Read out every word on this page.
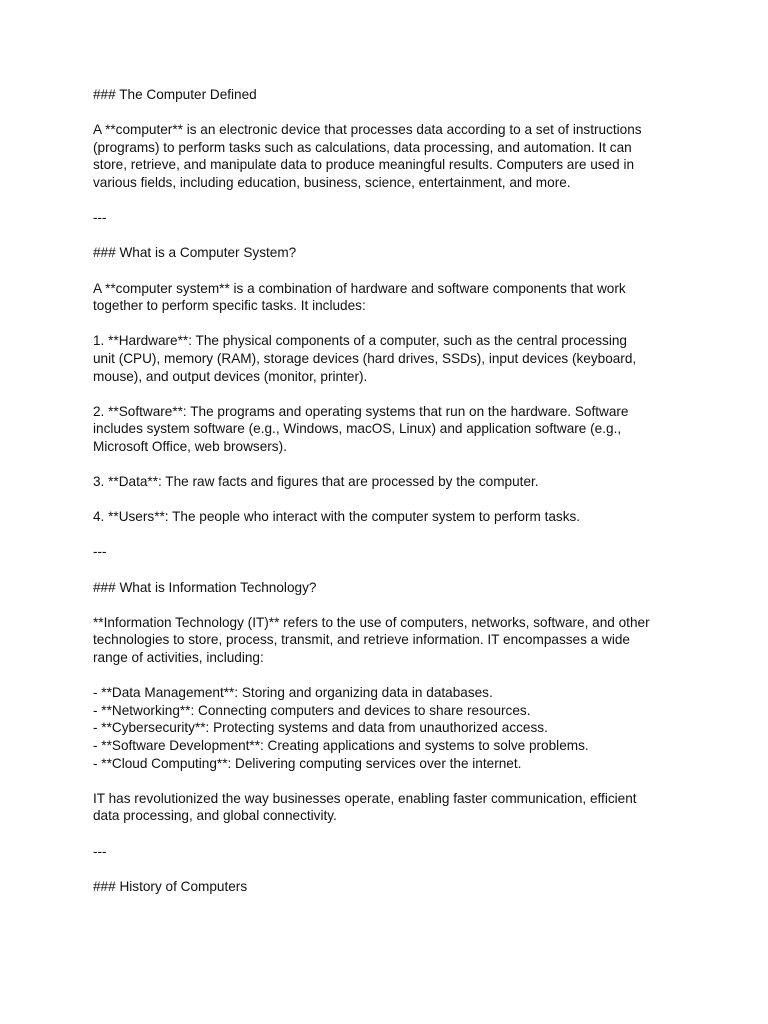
### The Computer Defined

A **computer** is an electronic device that processes data according to a set of instructions

(programs) to perform tasks such as calculations, data processing, and automation. It can

store, retrieve, and manipulate data to produce meaningful results. Computers are used in

various fields, including education, business, science, entertainment, and more.

---

### What is a Computer System?

A **computer system** is a combination of hardware and software components that work

together to perform specific tasks. It includes:

1. **Hardware**: The physical components of a computer, such as the central processing

unit (CPU), memory (RAM), storage devices (hard drives, SSDs), input devices (keyboard,

mouse), and output devices (monitor, printer).

2. **Software**: The programs and operating systems that run on the hardware. Software

includes system software (e.g., Windows, macOS, Linux) and application software (e.g.,

Microsoft Office, web browsers).

3. **Data**: The raw facts and figures that are processed by the computer.

4. **Users**: The people who interact with the computer system to perform tasks.

---

### What is Information Technology?

**Information Technology (IT)** refers to the use of computers, networks, software, and other

technologies to store, process, transmit, and retrieve information. IT encompasses a wide

range of activities, including:

- **Data Management**: Storing and organizing data in databases.

- **Networking**: Connecting computers and devices to share resources.

- **Cybersecurity**: Protecting systems and data from unauthorized access.

- **Software Development**: Creating applications and systems to solve problems.

- **Cloud Computing**: Delivering computing services over the internet.

IT has revolutionized the way businesses operate, enabling faster communication, efficient

data processing, and global connectivity.

---

### History of Computers
